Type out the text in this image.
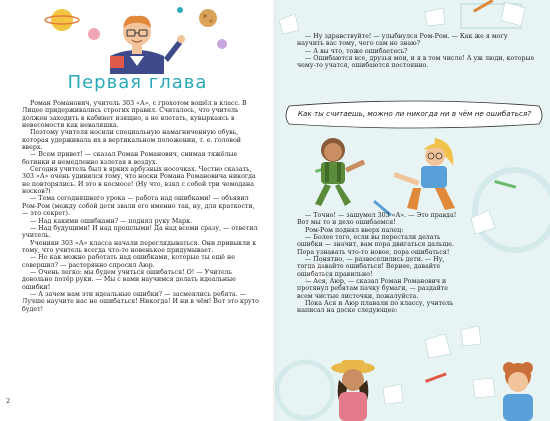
Первая глава

Роман Романович, учитель 303 «А», с грохотом вошёл в класс. В Лицее придерживались строгих правил. Считалось, что учитель должен заходить в кабинет изящно, а не влетать, кувыркаясь в невесомости как неваляшка.

Поэтому учителя носили специальную намагниченную обувь, которая удерживала их в вертикальном положении, т. е. головой вверх.

— Всем привет! — сказал Роман Романович, снимая тяжёлые ботинки и немедленно взлетая в воздух.

Сегодня учитель был в ярких арбузных носочках. Честно сказать, 303 «А» очень удивился тому, что носки Романа Романовича никогда не повторялись. И это в космосе! (Ну что, взял с собой три чемодана носков?)

— Тема сегодняшнего урока — работа над ошибками! — объявил Ром-Ром (между собой дети звали его именно так, ну, для краткости, — это секрет).

— Над какими ошибками? — поднял руку Марк.

— Над будущими! И над прошлыми! Да над всеми сразу, — ответил учитель.

Ученики 303 «А» класса начали переглядываться. Они привыкли к тому, что учитель всегда что-то новенькое придумывает.

— Но как можно работать над ошибками, которые ты ещё не совершил? — растерянно спросил Аюр.

— Очень легко: мы будем учиться ошибаться! О! — Учитель довольно потёр руки. — Мы с вами научимся делать идеальные ошибки!

— А зачем нам эти идеальные ошибки? — засмеялись ребята. — Лучше научите нас не ошибаться! Никогда! И ни в чём! Вот это круто будет!

2

— Ну здравствуйте! — улыбнулся Ром-Ром. — Как же я могу научить вас тому, чего сам не знаю?

— А вы что, тоже ошибаетесь?

— Ошибаются все, друзья мои, и я в том числе! А уж люди, которые чему-то учатся, ошибаются постоянно.

Как ты считаешь, можно ли никогда ни в чём не ошибаться?

— Точно! — зашумел 303 «А». — Это правда! Вот мы то и дело ошибаемся!

Ром-Ром поднял вверх палец:

— Более того, если вы перестали делать ошибки — значит, вам пора двигаться дальше. Пора узнавать что-то новое, пора ошибаться!

— Понятно, — развеселились дети. — Ну, тогда давайте ошибаться! Вернее, давайте ошибаться правильно!

— Ася, Аюр, — сказал Роман Романович и протянул ребятам пачку бумаги, — раздайте всем чистые листочки, пожалуйста.

Пока Ася и Аюр плавали по классу, учитель написал на доске следующее:
